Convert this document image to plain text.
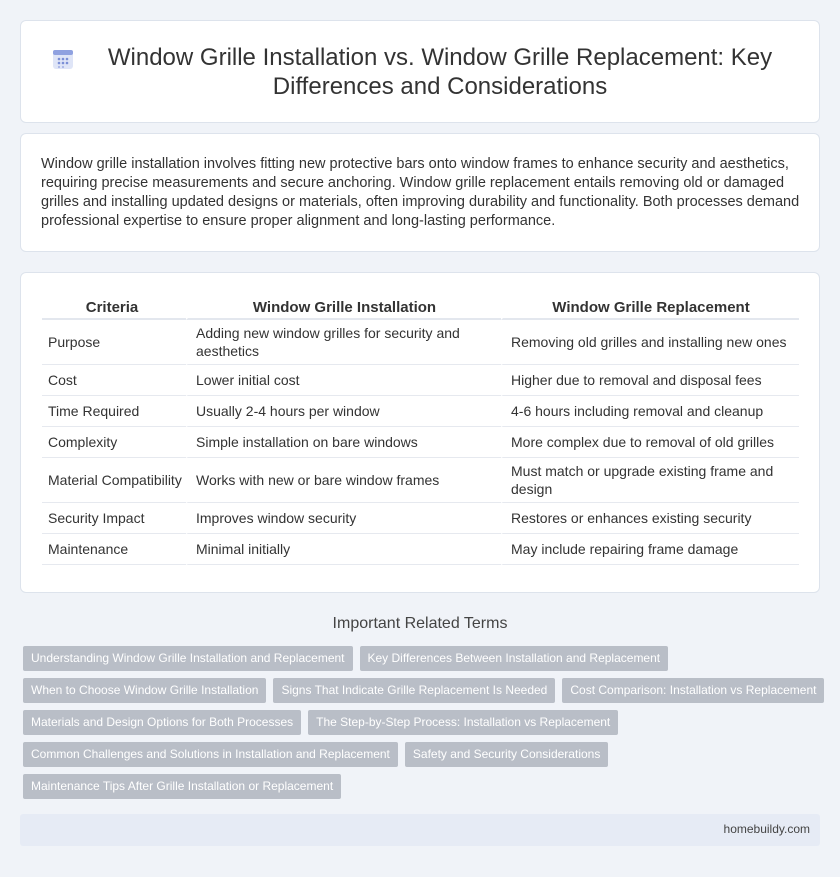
Window Grille Installation vs. Window Grille Replacement: Key Differences and Considerations

Window grille installation involves fitting new protective bars onto window frames to enhance security and aesthetics, requiring precise measurements and secure anchoring. Window grille replacement entails removing old or damaged grilles and installing updated designs or materials, often improving durability and functionality. Both processes demand professional expertise to ensure proper alignment and long-lasting performance.

Criteria	Window Grille Installation	Window Grille Replacement
Purpose	Adding new window grilles for security and aesthetics	Removing old grilles and installing new ones
Cost	Lower initial cost	Higher due to removal and disposal fees
Time Required	Usually 2-4 hours per window	4-6 hours including removal and cleanup
Complexity	Simple installation on bare windows	More complex due to removal of old grilles
Material Compatibility	Works with new or bare window frames	Must match or upgrade existing frame and design
Security Impact	Improves window security	Restores or enhances existing security
Maintenance	Minimal initially	May include repairing frame damage
Important Related Terms
Understanding Window Grille Installation and Replacement	Key Differences Between Installation and Replacement
When to Choose Window Grille Installation	Signs That Indicate Grille Replacement Is Needed	Cost Comparison: Installation vs Replacement
Materials and Design Options for Both Processes	The Step-by-Step Process: Installation vs Replacement
Common Challenges and Solutions in Installation and Replacement	Safety and Security Considerations
Maintenance Tips After Grille Installation or Replacement
homebuildy.com
